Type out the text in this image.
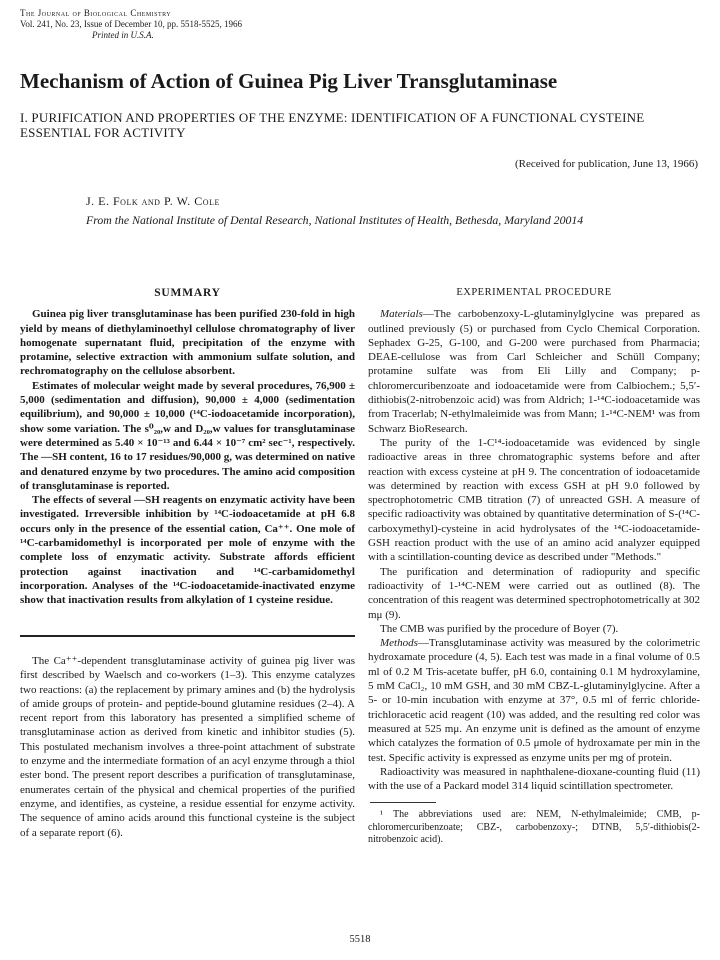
The Journal of Biological Chemistry
Vol. 241, No. 23, Issue of December 10, pp. 5518-5525, 1966
Printed in U.S.A.
Mechanism of Action of Guinea Pig Liver Transglutaminase
I. PURIFICATION AND PROPERTIES OF THE ENZYME: IDENTIFICATION OF A FUNCTIONAL CYSTEINE ESSENTIAL FOR ACTIVITY
(Received for publication, June 13, 1966)
J. E. Folk and P. W. Cole
From the National Institute of Dental Research, National Institutes of Health, Bethesda, Maryland 20014
SUMMARY

Guinea pig liver transglutaminase has been purified 230-fold in high yield by means of diethylaminoethyl cellulose chromatography of liver homogenate supernatant fluid, precipitation of the enzyme with protamine, selective extraction with ammonium sulfate solution, and rechromatography on the cellulose absorbent.

Estimates of molecular weight made by several procedures, 76,900 ± 5,000 (sedimentation and diffusion), 90,000 ± 4,000 (sedimentation equilibrium), and 90,000 ± 10,000 (¹⁴C-iodoacetamide incorporation), show some variation. The s⁰₂₀,w and D₂₀,w values for transglutaminase were determined as 5.40 × 10⁻¹³ and 6.44 × 10⁻⁷ cm² sec⁻¹, respectively. The —SH content, 16 to 17 residues/90,000 g, was determined on native and denatured enzyme by two procedures. The amino acid composition of transglutaminase is reported.

The effects of several —SH reagents on enzymatic activity have been investigated. Irreversible inhibition by ¹⁴C-iodoacetamide at pH 6.8 occurs only in the presence of the essential cation, Ca⁺⁺. One mole of ¹⁴C-carbamidomethyl is incorporated per mole of enzyme with the complete loss of enzymatic activity. Substrate affords efficient protection against inactivation and ¹⁴C-carbamidomethyl incorporation. Analyses of the ¹⁴C-iodoacetamide-inactivated enzyme show that inactivation results from alkylation of 1 cysteine residue.

The Ca⁺⁺-dependent transglutaminase activity of guinea pig liver was first described by Waelsch and co-workers (1–3). This enzyme catalyzes two reactions: (a) the replacement by primary amines and (b) the hydrolysis of amide groups of protein- and peptide-bound glutamine residues (2–4). A recent report from this laboratory has presented a simplified scheme of transglutaminase action as derived from kinetic and inhibitor studies (5). This postulated mechanism involves a three-point attachment of substrate to enzyme and the intermediate formation of an acyl enzyme through a thiol ester bond. The present report describes a purification of transglutaminase, enumerates certain of the physical and chemical properties of the purified enzyme, and identifies, as cysteine, a residue essential for enzyme activity. The sequence of amino acids around this functional cysteine is the subject of a separate report (6).

EXPERIMENTAL PROCEDURE

Materials—The carbobenzoxy-L-glutaminylglycine was prepared as outlined previously (5) or purchased from Cyclo Chemical Corporation. Sephadex G-25, G-100, and G-200 were purchased from Pharmacia; DEAE-cellulose was from Carl Schleicher and Schüll Company; protamine sulfate was from Eli Lilly and Company; p-chloromercuribenzoate and iodoacetamide were from Calbiochem.; 5,5′-dithiobis(2-nitrobenzoic acid) was from Aldrich; 1-¹⁴C-iodoacetamide was from Tracerlab; N-ethylmaleimide was from Mann; 1-¹⁴C-NEM¹ was from Schwarz BioResearch.

The purity of the 1-C¹⁴-iodoacetamide was evidenced by single radioactive areas in three chromatographic systems before and after reaction with excess cysteine at pH 9. The concentration of iodoacetamide was determined by reaction with excess GSH at pH 9.0 followed by spectrophotometric CMB titration (7) of unreacted GSH. A measure of specific radioactivity was obtained by quantitative determination of S-(¹⁴C-carboxymethyl)-cysteine in acid hydrolysates of the ¹⁴C-iodoacetamide-GSH reaction product with the use of an amino acid analyzer equipped with a scintillation-counting device as described under "Methods."

The purification and determination of radiopurity and specific radioactivity of 1-¹⁴C-NEM were carried out as outlined (8). The concentration of this reagent was determined spectrophotometrically at 302 mμ (9).

The CMB was purified by the procedure of Boyer (7).

Methods—Transglutaminase activity was measured by the colorimetric hydroxamate procedure (4, 5). Each test was made in a final volume of 0.5 ml of 0.2 M Tris-acetate buffer, pH 6.0, containing 0.1 M hydroxylamine, 5 mM CaCl₂, 10 mM GSH, and 30 mM CBZ-L-glutaminylglycine. After a 5- or 10-min incubation with enzyme at 37°, 0.5 ml of ferric chloride-trichloracetic acid reagent (10) was added, and the resulting red color was measured at 525 mμ. An enzyme unit is defined as the amount of enzyme which catalyzes the formation of 0.5 μmole of hydroxamate per min in the test. Specific activity is expressed as enzyme units per mg of protein.

Radioactivity was measured in naphthalene-dioxane-counting fluid (11) with the use of a Packard model 314 liquid scintillation spectrometer.

¹ The abbreviations used are: NEM, N-ethylmaleimide; CMB, p-chloromercuribenzoate; CBZ-, carbobenzoxy-; DTNB, 5,5′-dithiobis(2-nitrobenzoic acid).

5518
